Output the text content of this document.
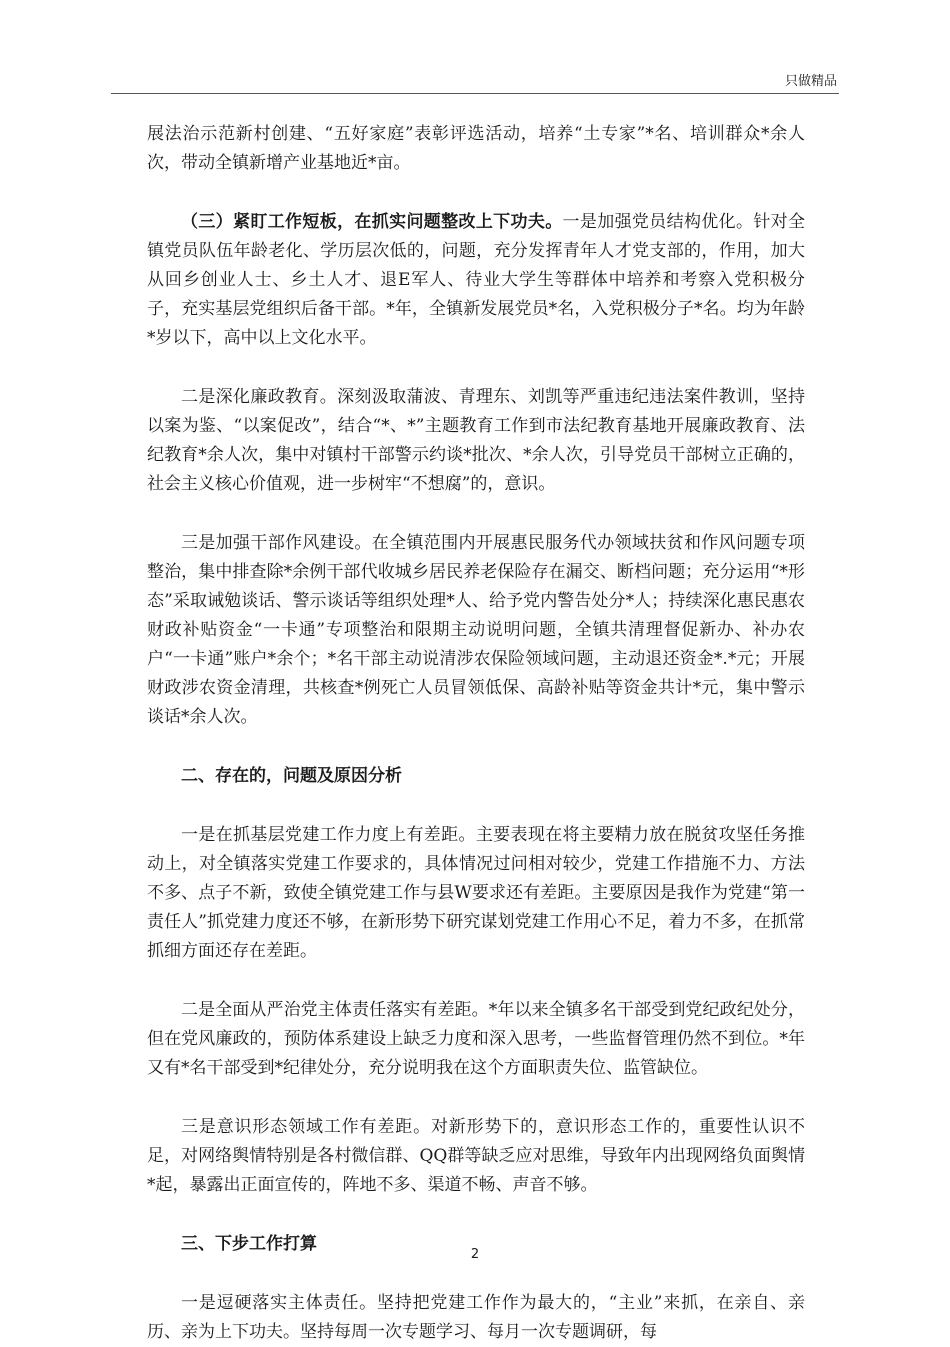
只做精品

展法治示范新村创建、“五好家庭”表彰评选活动，培养“土专家”*名、培训群众*余人次，带动全镇新增产业基地近*亩。

（三）紧盯工作短板，在抓实问题整改上下功夫。一是加强党员结构优化。针对全镇党员队伍年龄老化、学历层次低的，问题，充分发挥青年人才党支部的，作用，加大从回乡创业人士、乡土人才、退E军人、待业大学生等群体中培养和考察入党积极分子，充实基层党组织后备干部。*年，全镇新发展党员*名，入党积极分子*名。均为年龄*岁以下，高中以上文化水平。

二是深化廉政教育。深刻汲取蒲波、青理东、刘凯等严重违纪违法案件教训，坚持以案为鉴、“以案促改”，结合“*、*”主题教育工作到市法纪教育基地开展廉政教育、法纪教育*余人次，集中对镇村干部警示约谈*批次、*余人次，引导党员干部树立正确的，社会主义核心价值观，进一步树牢“不想腐”的，意识。

三是加强干部作风建设。在全镇范围内开展惠民服务代办领域扶贫和作风问题专项整治，集中排查除*余例干部代收城乡居民养老保险存在漏交、断档问题；充分运用“*形态”采取诫勉谈话、警示谈话等组织处理*人、给予党内警告处分*人；持续深化惠民惠农财政补贴资金“一卡通”专项整治和限期主动说明问题，全镇共清理督促新办、补办农户“一卡通”账户*余个；*名干部主动说清涉农保险领域问题，主动退还资金*.*元；开展财政涉农资金清理，共核查*例死亡人员冒领低保、高龄补贴等资金共计*元，集中警示谈话*余人次。

二、存在的，问题及原因分析

一是在抓基层党建工作力度上有差距。主要表现在将主要精力放在脱贫攻坚任务推动上，对全镇落实党建工作要求的，具体情况过问相对较少，党建工作措施不力、方法不多、点子不新，致使全镇党建工作与县W要求还有差距。主要原因是我作为党建“第一责任人”抓党建力度还不够，在新形势下研究谋划党建工作用心不足，着力不多，在抓常抓细方面还存在差距。

二是全面从严治党主体责任落实有差距。*年以来全镇多名干部受到党纪政纪处分，但在党风廉政的，预防体系建设上缺乏力度和深入思考，一些监督管理仍然不到位。*年又有*名干部受到*纪律处分，充分说明我在这个方面职责失位、监管缺位。

三是意识形态领域工作有差距。对新形势下的，意识形态工作的，重要性认识不足，对网络舆情特别是各村微信群、QQ群等缺乏应对思维，导致年内出现网络负面舆情*起，暴露出正面宣传的，阵地不多、渠道不畅、声音不够。

三、下步工作打算

一是逗硬落实主体责任。坚持把党建工作作为最大的，“主业”来抓，在亲自、亲历、亲为上下功夫。坚持每周一次专题学习、每月一次专题调研，每

2
